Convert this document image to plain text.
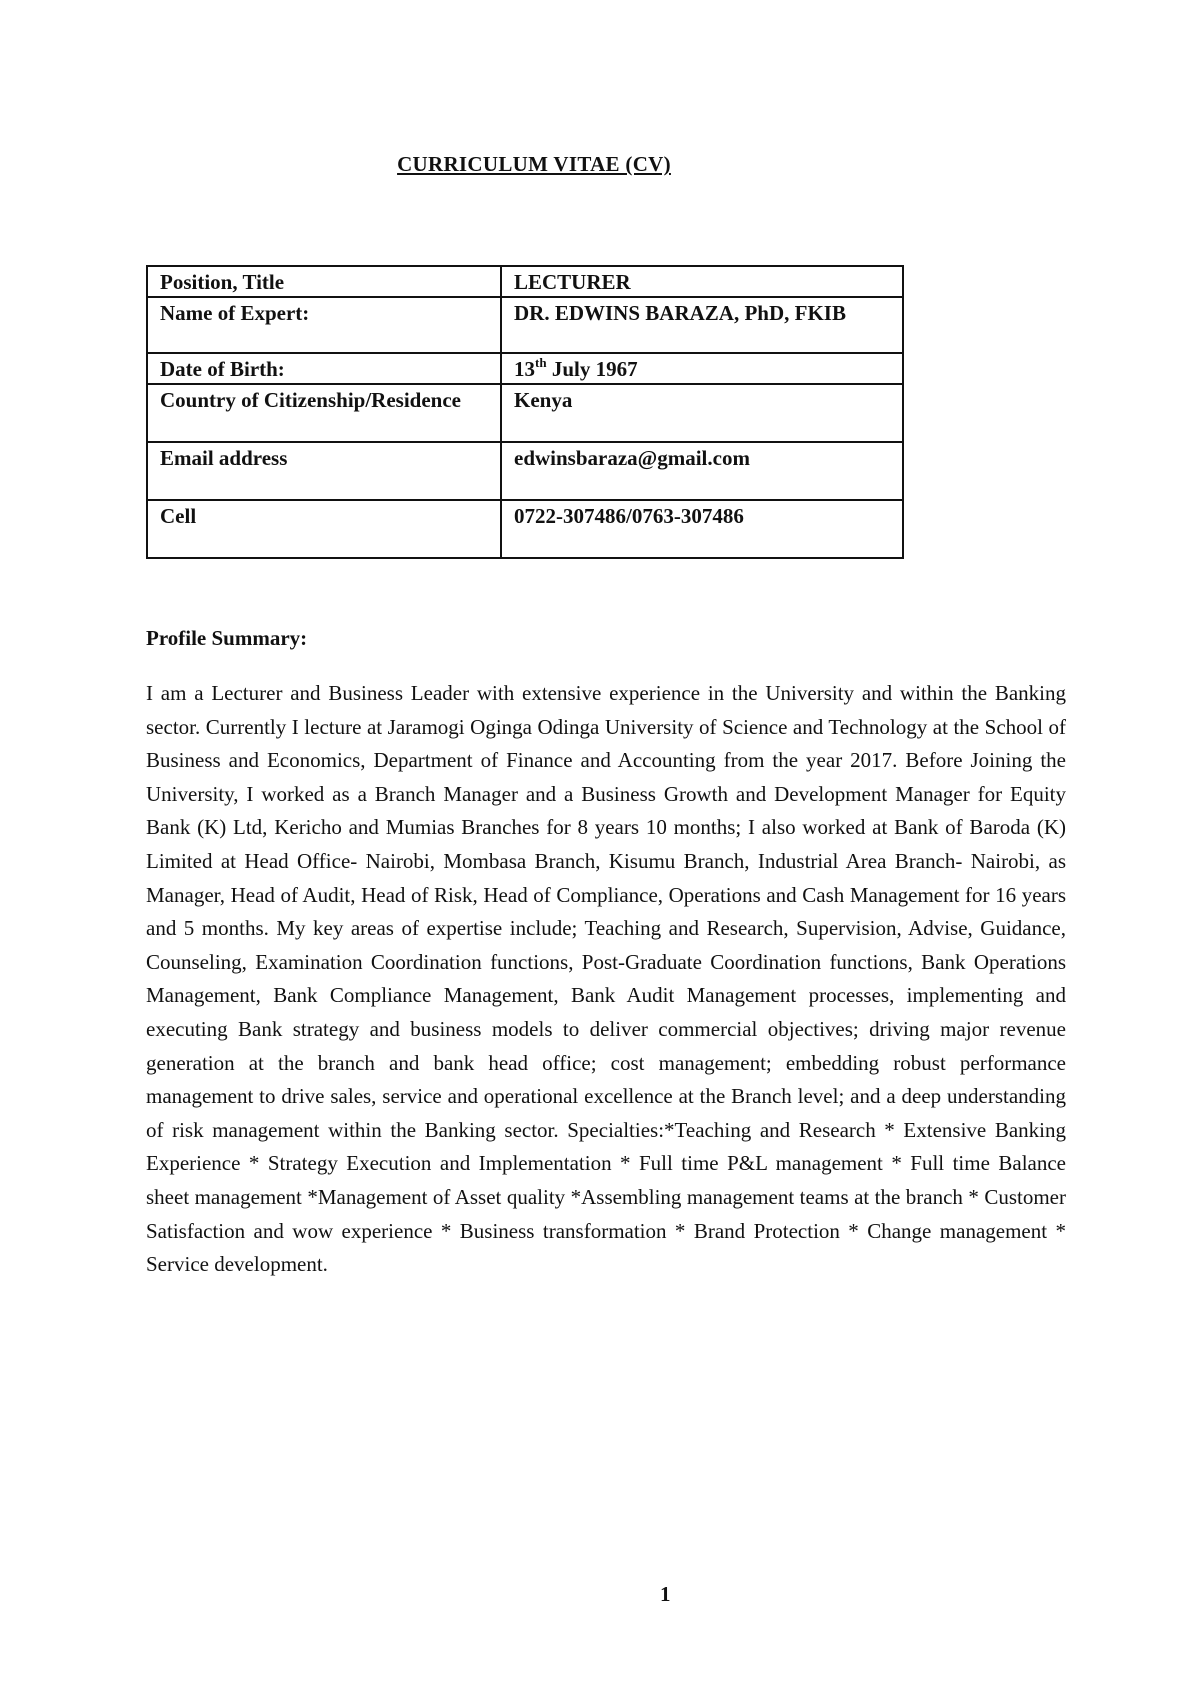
CURRICULUM VITAE (CV)
Position, Title	LECTURER
Name of Expert:	DR. EDWINS BARAZA, PhD, FKIB
Date of Birth:	13th July 1967
Country of Citizenship/Residence	Kenya
Email address	edwinsbaraza@gmail.com
Cell	0722-307486/0763-307486
Profile Summary:

I am a Lecturer and Business Leader with extensive experience in the University and within the Banking sector. Currently I lecture at Jaramogi Oginga Odinga University of Science and Technology at the School of Business and Economics, Department of Finance and Accounting from the year 2017. Before Joining the University, I worked as a Branch Manager and a Business Growth and Development Manager for Equity Bank (K) Ltd, Kericho and Mumias Branches for 8 years 10 months; I also worked at Bank of Baroda (K) Limited at Head Office- Nairobi, Mombasa Branch, Kisumu Branch, Industrial Area Branch- Nairobi, as Manager, Head of Audit, Head of Risk, Head of Compliance, Operations and Cash Management for 16 years and 5 months. My key areas of expertise include; Teaching and Research, Supervision, Advise, Guidance, Counseling, Examination Coordination functions, Post-Graduate Coordination functions, Bank Operations Management, Bank Compliance Management, Bank Audit Management processes, implementing and executing Bank strategy and business models to deliver commercial objectives; driving major revenue generation at the branch and bank head office; cost management; embedding robust performance management to drive sales, service and operational excellence at the Branch level; and a deep understanding of risk management within the Banking sector. Specialties:*Teaching and Research * Extensive Banking Experience * Strategy Execution and Implementation * Full time P&L management * Full time Balance sheet management *Management of Asset quality *Assembling management teams at the branch * Customer Satisfaction and wow experience * Business transformation * Brand Protection * Change management * Service development.

1
